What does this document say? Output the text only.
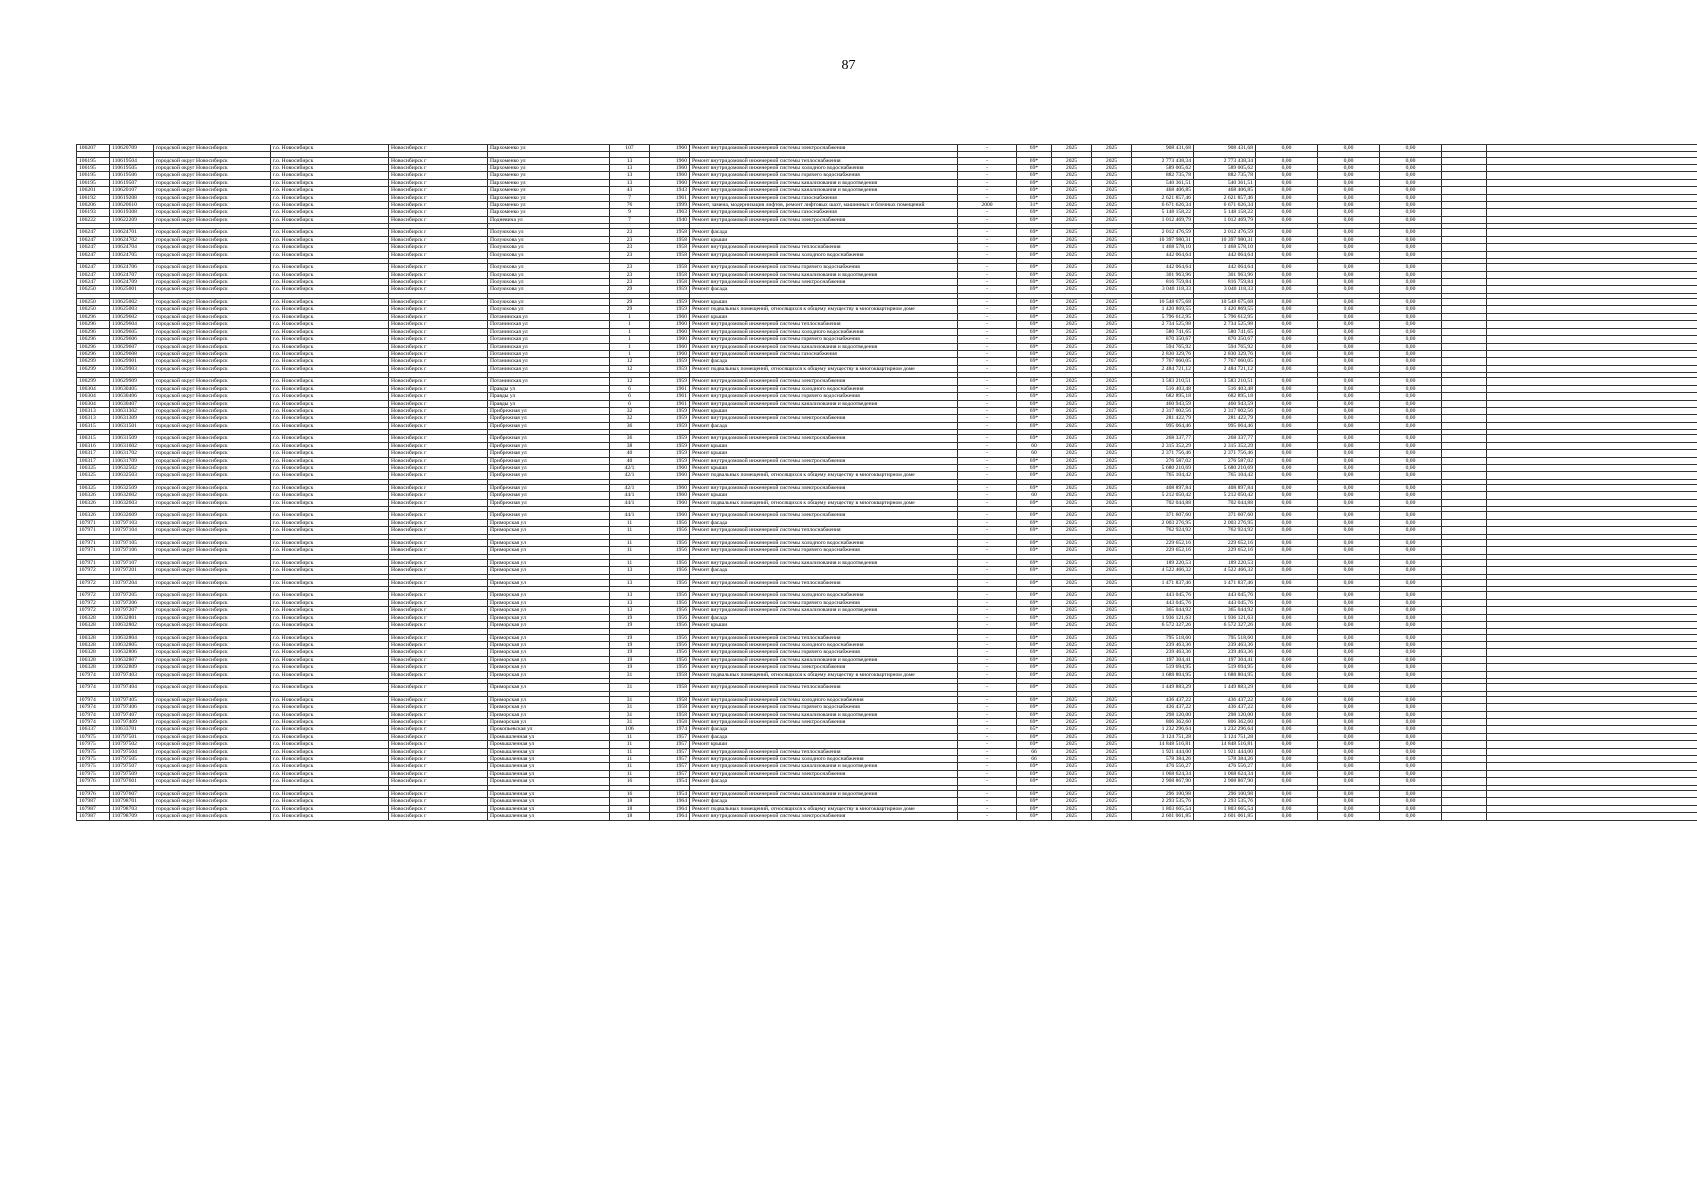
87
106207	110620709	городской округ Новосибирск	г.о. Новосибирск	Новосибирск г	Пархоменко ул	107	1960	Ремонт внутридомовой инженерной системы электроснабжения	-	69*	2025	2025	908 431,68	908 431,68	0,00	0,00	0,00		

106195	110619504	городской округ Новосибирск	г.о. Новосибирск	Новосибирск г	Пархоменко ул	13	1960	Ремонт внутридомовой инженерной системы теплоснабжения	-	69*	2025	2025	2 773 438,34	2 773 438,34	0,00	0,00	0,00		
106195	110619505	городской округ Новосибирск	г.о. Новосибирск	Новосибирск г	Пархоменко ул	13	1960	Ремонт внутридомовой инженерной системы холодного водоснабжения	-	69*	2025	2025	589 005,62	589 005,62	0,00	0,00	0,00		
106195	110619506	городской округ Новосибирск	г.о. Новосибирск	Новосибирск г	Пархоменко ул	13	1960	Ремонт внутридомовой инженерной системы горячего водоснабжения	-	69*	2025	2025	882 735,78	882 735,78	0,00	0,00	0,00		
106195	110619507	городской округ Новосибирск	г.о. Новосибирск	Новосибирск г	Пархоменко ул	13	1960	Ремонт внутридомовой инженерной системы канализования и водоотведения	-	69*	2025	2025	540 361,51	540 361,51	0,00	0,00	0,00		
106201	110620107	городской округ Новосибирск	г.о. Новосибирск	Новосибирск г	Пархоменко ул	43	1943	Ремонт внутридомовой инженерной системы канализования и водоотведения	-	69*	2025	2025	468 406,85	468 406,85	0,00	0,00	0,00		
106192	110619208	городской округ Новосибирск	г.о. Новосибирск	Новосибирск г	Пархоменко ул	7	1961	Ремонт внутридомовой инженерной системы газоснабжения	-	69*	2025	2025	2 621 857,46	2 621 857,46	0,00	0,00	0,00		
106206	110620610	городской округ Новосибирск	г.о. Новосибирск	Новосибирск г	Пархоменко ул	76	1999	Ремонт, замена, модернизация лифтов, ремонт лифтовых шахт, машинных и блочных помещений	2000	31*	2025	2025	6 671 626,34	6 671 626,34	0,00	0,00	0,00		
106193	110619308	городской округ Новосибирск	г.о. Новосибирск	Новосибирск г	Пархоменко ул	9	1963	Ремонт внутридомовой инженерной системы газоснабжения	-	69*	2025	2025	5 148 158,22	5 148 158,22	0,00	0,00	0,00		
106222	110622209	городской округ Новосибирск	г.о. Новосибирск	Новосибирск г	Подневича ул	7	1940	Ремонт внутридомовой инженерной системы электроснабжения	-	69*	2025	2025	1 012 469,79	1 012 469,79	0,00	0,00	0,00		

106247	110624701	городской округ Новосибирск	г.о. Новосибирск	Новосибирск г	Полуюхова ул	23	1958	Ремонт фасада	-	69*	2025	2025	2 012 476,59	2 012 476,59	0,00	0,00	0,00		
106247	110624702	городской округ Новосибирск	г.о. Новосибирск	Новосибирск г	Полуюхова ул	23	1958	Ремонт крыши	-	69*	2025	2025	10 397 980,31	10 397 980,31	0,00	0,00	0,00		
106247	110624704	городской округ Новосибирск	г.о. Новосибирск	Новосибирск г	Полуюхова ул	23	1958	Ремонт внутридомовой инженерной системы теплоснабжения	-	69*	2025	2025	1 468 578,10	1 468 578,10	0,00	0,00	0,00		
106247	110624705	городской округ Новосибирск	г.о. Новосибирск	Новосибирск г	Полуюхова ул	23	1958	Ремонт внутридомовой инженерной системы холодного водоснабжения	-	69*	2025	2025	442 064,64	442 064,64	0,00	0,00	0,00		

106247	110624706	городской округ Новосибирск	г.о. Новосибирск	Новосибирск г	Полуюхова ул	23	1958	Ремонт внутридомовой инженерной системы горячего водоснабжения	-	69*	2025	2025	442 064,64	442 064,64	0,00	0,00	0,00		
106247	110624707	городской округ Новосибирск	г.о. Новосибирск	Новосибирск г	Полуюхова ул	23	1958	Ремонт внутридомовой инженерной системы канализования и водоотведения	-	69*	2025	2025	301 963,96	301 963,96	0,00	0,00	0,00		
106247	110624709	городской округ Новосибирск	г.о. Новосибирск	Новосибирск г	Полуюхова ул	23	1958	Ремонт внутридомовой инженерной системы электроснабжения	-	69*	2025	2025	816 759,84	816 759,84	0,00	0,00	0,00		
106250	110625001	городской округ Новосибирск	г.о. Новосибирск	Новосибирск г	Полуюхова ул	29	1959	Ремонт фасада	-	69*	2025	2025	3 040 118,33	3 040 118,33	0,00	0,00	0,00		

106250	110625002	городской округ Новосибирск	г.о. Новосибирск	Новосибирск г	Полуюхова ул	29	1959	Ремонт крыши	-	69*	2025	2025	10 548 675,68	10 548 675,68	0,00	0,00	0,00		
106250	110625003	городской округ Новосибирск	г.о. Новосибирск	Новосибирск г	Полуюхова ул	29	1959	Ремонт подвальных помещений, относящихся к общему имуществу в многоквартирном доме	-	69*	2025	2025	1 420 869,55	1 420 869,55	0,00	0,00	0,00		
106296	110629602	городской округ Новосибирск	г.о. Новосибирск	Новосибирск г	Потанинская ул	1	1960	Ремонт крыши	-	69*	2025	2025	5 796 612,95	5 796 612,95	0,00	0,00	0,00		
106296	110629604	городской округ Новосибирск	г.о. Новосибирск	Новосибирск г	Потанинская ул	1	1960	Ремонт внутридомовой инженерной системы теплоснабжения	-	69*	2025	2025	2 734 525,98	2 734 525,98	0,00	0,00	0,00		
106296	110629605	городской округ Новосибирск	г.о. Новосибирск	Новосибирск г	Потанинская ул	1	1960	Ремонт внутридомовой инженерной системы холодного водоснабжения	-	69*	2025	2025	580 741,65	580 741,65	0,00	0,00	0,00		
106296	110629606	городской округ Новосибирск	г.о. Новосибирск	Новосибирск г	Потанинская ул	1	1960	Ремонт внутридомовой инженерной системы горячего водоснабжения	-	69*	2025	2025	870 350,67	870 350,67	0,00	0,00	0,00		
106296	110629607	городской округ Новосибирск	г.о. Новосибирск	Новосибирск г	Потанинская ул	1	1960	Ремонт внутридомовой инженерной системы канализования и водоотведения	-	69*	2025	2025	594 765,92	594 765,92	0,00	0,00	0,00		
106296	110629608	городской округ Новосибирск	г.о. Новосибирск	Новосибирск г	Потанинская ул	1	1960	Ремонт внутридомовой инженерной системы газоснабжения	-	69*	2025	2025	2 830 329,76	2 830 329,76	0,00	0,00	0,00		
106299	110629901	городской округ Новосибирск	г.о. Новосибирск	Новосибирск г	Потанинская ул	12	1959	Ремонт фасада	-	69*	2025	2025	7 767 060,05	7 767 060,05	0,00	0,00	0,00		
106299	110629903	городской округ Новосибирск	г.о. Новосибирск	Новосибирск г	Потанинская ул	12	1959	Ремонт подвальных помещений, относящихся к общему имуществу в многоквартирном доме	-	69*	2025	2025	2 484 721,12	2 484 721,12	0,00	0,00	0,00		

106299	110629909	городской округ Новосибирск	г.о. Новосибирск	Новосибирск г	Потанинская ул	12	1959	Ремонт внутридомовой инженерной системы электроснабжения	-	69*	2025	2025	3 583 210,51	3 583 210,51	0,00	0,00	0,00		
106304	110630405	городской округ Новосибирск	г.о. Новосибирск	Новосибирск г	Правды ул	6	1961	Ремонт внутридомовой инженерной системы холодного водоснабжения	-	69*	2025	2025	516 403,48	516 403,48	0,00	0,00	0,00		
106304	110630406	городской округ Новосибирск	г.о. Новосибирск	Новосибирск г	Правды ул	6	1961	Ремонт внутридомовой инженерной системы горячего водоснабжения	-	69*	2025	2025	682 895,18	682 895,18	0,00	0,00	0,00		
106304	110630407	городской округ Новосибирск	г.о. Новосибирск	Новосибирск г	Правды ул	6	1961	Ремонт внутридомовой инженерной системы канализования и водоотведения	-	69*	2025	2025	460 943,59	460 943,59	0,00	0,00	0,00		
106313	110631302	городской округ Новосибирск	г.о. Новосибирск	Новосибирск г	Прибрежная ул	32	1959	Ремонт крыши	-	69*	2025	2025	2 317 002,56	2 317 002,56	0,00	0,00	0,00		
106313	110631309	городской округ Новосибирск	г.о. Новосибирск	Новосибирск г	Прибрежная ул	32	1959	Ремонт внутридомовой инженерной системы электроснабжения	-	69*	2025	2025	281 422,79	281 422,79	0,00	0,00	0,00		
106315	110631501	городской округ Новосибирск	г.о. Новосибирск	Новосибирск г	Прибрежная ул	36	1959	Ремонт фасада	-	69*	2025	2025	995 064,46	995 064,46	0,00	0,00	0,00		

106315	110631509	городской округ Новосибирск	г.о. Новосибирск	Новосибирск г	Прибрежная ул	36	1959	Ремонт внутридомовой инженерной системы электроснабжения	-	69*	2025	2025	268 337,77	268 337,77	0,00	0,00	0,00		
106316	110631602	городской округ Новосибирск	г.о. Новосибирск	Новосибирск г	Прибрежная ул	38	1959	Ремонт крыши	-	60	2025	2025	2 315 352,29	2 315 352,29	0,00	0,00	0,00		
106317	110631702	городской округ Новосибирск	г.о. Новосибирск	Новосибирск г	Прибрежная ул	40	1959	Ремонт крыши	-	60	2025	2025	2 371 756,46	2 371 756,46	0,00	0,00	0,00		
106317	110631709	городской округ Новосибирск	г.о. Новосибирск	Новосибирск г	Прибрежная ул	40	1959	Ремонт внутридомовой инженерной системы электроснабжения	-	69*	2025	2025	276 587,02	276 587,02	0,00	0,00	0,00		
106325	110632502	городской округ Новосибирск	г.о. Новосибирск	Новосибирск г	Прибрежная ул	42/1	1960	Ремонт крыши	-	69*	2025	2025	5 680 210,69	5 680 210,69	0,00	0,00	0,00		
106325	110632503	городской округ Новосибирск	г.о. Новосибирск	Новосибирск г	Прибрежная ул	42/1	1960	Ремонт подвальных помещений, относящихся к общему имуществу в многоквартирном доме	-	69*	2025	2025	765 104,42	765 104,42	0,00	0,00	0,00		

106325	110632509	городской округ Новосибирск	г.о. Новосибирск	Новосибирск г	Прибрежная ул	42/1	1960	Ремонт внутридомовой инженерной системы электроснабжения	-	69*	2025	2025	408 897,84	408 897,84	0,00	0,00	0,00		
106326	110632602	городской округ Новосибирск	г.о. Новосибирск	Новосибирск г	Прибрежная ул	44/1	1960	Ремонт крыши	-	60	2025	2025	5 212 050,42	5 212 050,42	0,00	0,00	0,00		
106326	110632603	городской округ Новосибирск	г.о. Новосибирск	Новосибирск г	Прибрежная ул	44/1	1960	Ремонт подвальных помещений, относящихся к общему имуществу в многоквартирном доме	-	69*	2025	2025	702 044,88	702 044,88	0,00	0,00	0,00		

106326	110632609	городской округ Новосибирск	г.о. Новосибирск	Новосибирск г	Прибрежная ул	44/1	1960	Ремонт внутридомовой инженерной системы электроснабжения	-	69*	2025	2025	371 607,60	371 607,60	0,00	0,00	0,00		
107971	110797103	городской округ Новосибирск	г.о. Новосибирск	Новосибирск г	Приморская ул	11	1956	Ремонт фасада	-	69*	2025	2025	2 003 276,95	2 003 276,95	0,00	0,00	0,00		
107971	110797104	городской округ Новосибирск	г.о. Новосибирск	Новосибирск г	Приморская ул	11	1956	Ремонт внутридомовой инженерной системы теплоснабжения	-	69*	2025	2025	762 924,92	762 924,92	0,00	0,00	0,00		

107971	110797105	городской округ Новосибирск	г.о. Новосибирск	Новосибирск г	Приморская ул	11	1956	Ремонт внутридомовой инженерной системы холодного водоснабжения	-	69*	2025	2025	229 652,16	229 652,16	0,00	0,00	0,00		
107971	110797106	городской округ Новосибирск	г.о. Новосибирск	Новосибирск г	Приморская ул	11	1956	Ремонт внутридомовой инженерной системы горячего водоснабжения	-	69*	2025	2025	229 652,16	229 652,16	0,00	0,00	0,00		

107971	110797107	городской округ Новосибирск	г.о. Новосибирск	Новосибирск г	Приморская ул	11	1956	Ремонт внутридомовой инженерной системы канализования и водоотведения	-	69*	2025	2025	189 220,53	189 220,53	0,00	0,00	0,00		
107972	110797201	городской округ Новосибирск	г.о. Новосибирск	Новосибирск г	Приморская ул	13	1956	Ремонт фасада	-	69*	2025	2025	4 522 466,32	4 522 466,32	0,00	0,00	0,00		

107972	110797204	городской округ Новосибирск	г.о. Новосибирск	Новосибирск г	Приморская ул	13	1956	Ремонт внутридомовой инженерной системы теплоснабжения	-	69*	2025	2025	1 471 837,46	1 471 837,46	0,00	0,00	0,00		

107972	110797205	городской округ Новосибирск	г.о. Новосибирск	Новосибирск г	Приморская ул	13	1956	Ремонт внутридомовой инженерной системы холодного водоснабжения	-	69*	2025	2025	443 045,76	443 045,76	0,00	0,00	0,00		
107972	110797206	городской округ Новосибирск	г.о. Новосибирск	Новосибирск г	Приморская ул	13	1956	Ремонт внутридомовой инженерной системы горячего водоснабжения	-	69*	2025	2025	443 045,76	443 045,76	0,00	0,00	0,00		
107972	110797207	городской округ Новосибирск	г.о. Новосибирск	Новосибирск г	Приморская ул	13	1956	Ремонт внутридомовой инженерной системы канализования и водоотведения	-	69*	2025	2025	365 044,92	365 044,92	0,00	0,00	0,00		
106328	110632801	городской округ Новосибирск	г.о. Новосибирск	Новосибирск г	Приморская ул	19	1956	Ремонт фасада	-	69*	2025	2025	1 936 121,63	1 936 121,63	0,00	0,00	0,00		
106328	110632802	городской округ Новосибирск	г.о. Новосибирск	Новосибирск г	Приморская ул	19	1956	Ремонт крыши	-	69*	2025	2025	6 572 327,26	6 572 327,26	0,00	0,00	0,00		

106328	110632804	городской округ Новосибирск	г.о. Новосибирск	Новосибирск г	Приморская ул	19	1956	Ремонт внутридомовой инженерной системы теплоснабжения	-	69*	2025	2025	795 518,60	795 518,60	0,00	0,00	0,00		
106328	110632805	городской округ Новосибирск	г.о. Новосибирск	Новосибирск г	Приморская ул	19	1956	Ремонт внутридомовой инженерной системы холодного водоснабжения	-	69*	2025	2025	239 463,36	239 463,36	0,00	0,00	0,00		
106328	110632806	городской округ Новосибирск	г.о. Новосибирск	Новосибирск г	Приморская ул	19	1956	Ремонт внутридомовой инженерной системы горячего водоснабжения	-	69*	2025	2025	239 463,36	239 463,36	0,00	0,00	0,00		
106328	110632807	городской округ Новосибирск	г.о. Новосибирск	Новосибирск г	Приморская ул	19	1956	Ремонт внутридомовой инженерной системы канализования и водоотведения	-	69*	2025	2025	197 304,41	197 304,41	0,00	0,00	0,00		
106328	110632809	городской округ Новосибирск	г.о. Новосибирск	Новосибирск г	Приморская ул	19	1956	Ремонт внутридомовой инженерной системы электроснабжения	-	69*	2025	2025	519 694,95	519 694,95	0,00	0,00	0,00		
107974	110797403	городской округ Новосибирск	г.о. Новосибирск	Новосибирск г	Приморская ул	31	1958	Ремонт подвальных помещений, относящихся к общему имуществу в многоквартирном доме	-	69*	2025	2025	1 688 804,95	1 688 804,95	0,00	0,00	0,00		

107974	110797404	городской округ Новосибирск	г.о. Новосибирск	Новосибирск г	Приморская ул	31	1958	Ремонт внутридомовой инженерной системы теплоснабжения	-	69*	2025	2025	1 449 883,29	1 449 883,29	0,00	0,00	0,00		

107974	110797405	городской округ Новосибирск	г.о. Новосибирск	Новосибирск г	Приморская ул	31	1958	Ремонт внутридомовой инженерной системы холодного водоснабжения	-	69*	2025	2025	436 437,22	436 437,22	0,00	0,00	0,00		
107974	110797406	городской округ Новосибирск	г.о. Новосибирск	Новосибирск г	Приморская ул	31	1958	Ремонт внутридомовой инженерной системы горячего водоснабжения	-	69*	2025	2025	436 437,22	436 437,22	0,00	0,00	0,00		
107974	110797407	городской округ Новосибирск	г.о. Новосибирск	Новосибирск г	Приморская ул	31	1958	Ремонт внутридомовой инженерной системы канализования и водоотведения	-	69*	2025	2025	298 120,00	298 120,00	0,00	0,00	0,00		
107974	110797409	городской округ Новосибирск	г.о. Новосибирск	Новосибирск г	Приморская ул	31	1958	Ремонт внутридомовой инженерной системы электроснабжения	-	69*	2025	2025	806 362,60	806 362,60	0,00	0,00	0,00		
106337	110633701	городской округ Новосибирск	г.о. Новосибирск	Новосибирск г	Прокопьевская ул	106	1974	Ремонт фасада	-	65*	2025	2025	1 232 296,64	1 232 296,64	0,00	0,00	0,00		
107975	110797501	городской округ Новосибирск	г.о. Новосибирск	Новосибирск г	Промышленная ул	11	1957	Ремонт фасада	-	69*	2025	2025	3 124 751,28	3 124 751,28	0,00	0,00	0,00		
107975	110797502	городской округ Новосибирск	г.о. Новосибирск	Новосибирск г	Промышленная ул	11	1957	Ремонт крыши	-	69*	2025	2025	14 848 516,81	14 848 516,81	0,00	0,00	0,00		
107975	110797504	городской округ Новосибирск	г.о. Новосибирск	Новосибирск г	Промышленная ул	11	1957	Ремонт внутридомовой инженерной системы теплоснабжения	-	66	2025	2025	1 921 444,00	1 921 444,00	0,00	0,00	0,00		
107975	110797505	городской округ Новосибирск	г.о. Новосибирск	Новосибирск г	Промышленная ул	11	1957	Ремонт внутридомовой инженерной системы холодного водоснабжения	-	66	2025	2025	578 384,26	578 384,26	0,00	0,00	0,00		
107975	110797507	городской округ Новосибирск	г.о. Новосибирск	Новосибирск г	Промышленная ул	11	1957	Ремонт внутридомовой инженерной системы канализования и водоотведения	-	69*	2025	2025	476 556,27	476 556,27	0,00	0,00	0,00		
107975	110797509	городской округ Новосибирск	г.о. Новосибирск	Новосибирск г	Промышленная ул	11	1957	Ремонт внутридомовой инженерной системы электроснабжения	-	69*	2025	2025	1 068 624,34	1 068 624,34	0,00	0,00	0,00		
107976	110797601	городской округ Новосибирск	г.о. Новосибирск	Новосибирск г	Промышленная ул	16	1954	Ремонт фасада	-	69*	2025	2025	2 908 867,90	2 908 867,90	0,00	0,00	0,00		

107976	110797607	городской округ Новосибирск	г.о. Новосибирск	Новосибирск г	Промышленная ул	16	1954	Ремонт внутридомовой инженерной системы канализования и водоотведения	-	69*	2025	2025	296 100,98	296 100,98	0,00	0,00	0,00		
107987	110798701	городской округ Новосибирск	г.о. Новосибирск	Новосибирск г	Промышленная ул	18	1964	Ремонт фасада	-	69*	2025	2025	2 293 535,76	2 293 535,76	0,00	0,00	0,00		
107987	110798703	городской округ Новосибирск	г.о. Новосибирск	Новосибирск г	Промышленная ул	18	1964	Ремонт подвальных помещений, относящихся к общему имуществу в многоквартирном доме	-	69*	2025	2025	1 803 665,54	1 803 665,54	0,00	0,00	0,00		
107987	110798709	городской округ Новосибирск	г.о. Новосибирск	Новосибирск г	Промышленная ул	18	1964	Ремонт внутридомовой инженерной системы электроснабжения	-	69*	2025	2025	2 601 061,85	2 601 061,85	0,00	0,00	0,00		
